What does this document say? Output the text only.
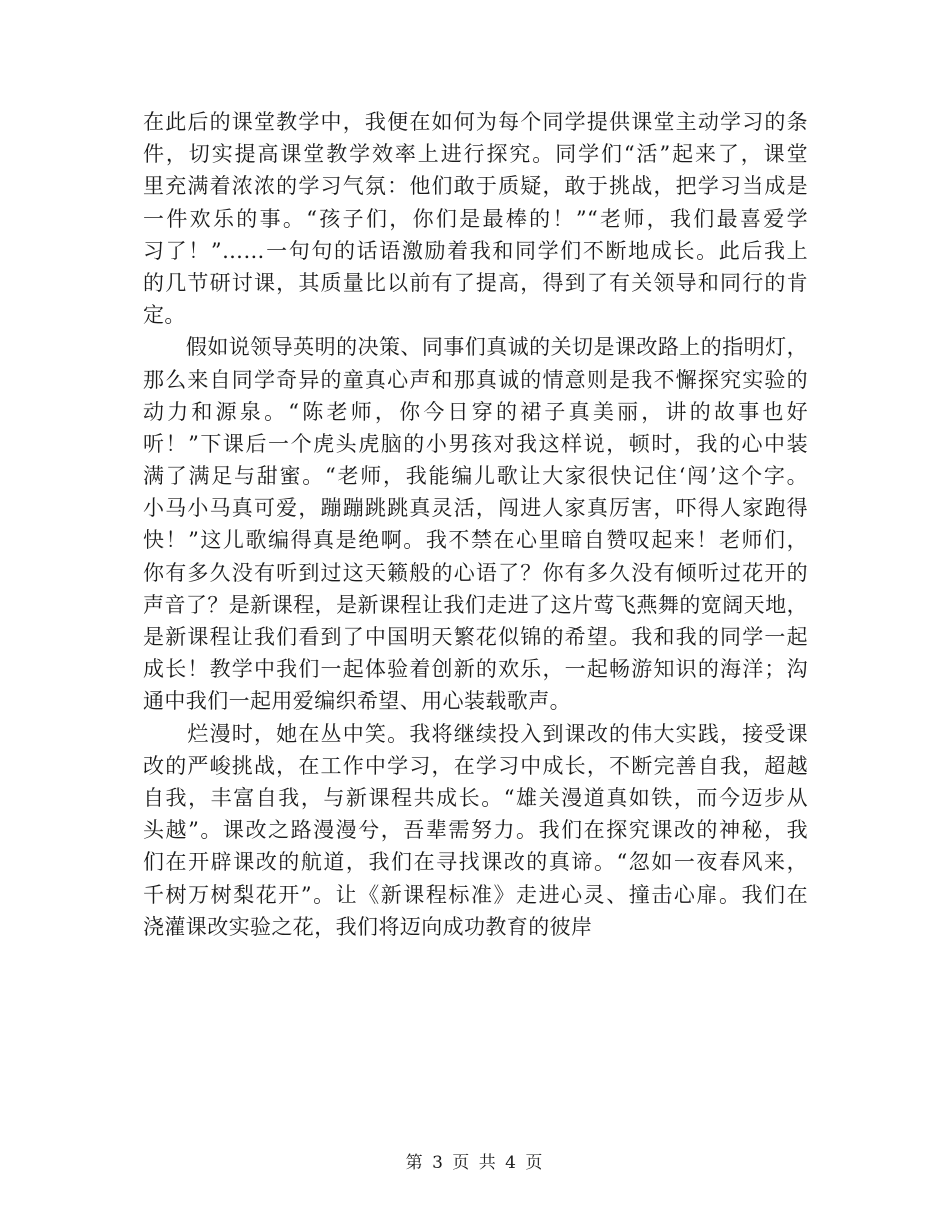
在此后的课堂教学中，我便在如何为每个同学提供课堂主动学习的条
件，切实提高课堂教学效率上进行探究。同学们“活”起来了，课堂
里充满着浓浓的学习气氛：他们敢于质疑，敢于挑战，把学习当成是
一件欢乐的事。“孩子们，你们是最棒的！”“老师，我们最喜爱学
习了！”……一句句的话语激励着我和同学们不断地成长。此后我上
的几节研讨课，其质量比以前有了提高，得到了有关领导和同行的肯
定。
　　假如说领导英明的决策、同事们真诚的关切是课改路上的指明灯，
那么来自同学奇异的童真心声和那真诚的情意则是我不懈探究实验的
动力和源泉。“陈老师，你今日穿的裙子真美丽，讲的故事也好
听！”下课后一个虎头虎脑的小男孩对我这样说，顿时，我的心中装
满了满足与甜蜜。“老师，我能编儿歌让大家很快记住‘闯’这个字。
小马小马真可爱，蹦蹦跳跳真灵活，闯进人家真厉害，吓得人家跑得
快！”这儿歌编得真是绝啊。我不禁在心里暗自赞叹起来！老师们，
你有多久没有听到过这天籁般的心语了？你有多久没有倾听过花开的
声音了？是新课程，是新课程让我们走进了这片莺飞燕舞的宽阔天地，
是新课程让我们看到了中国明天繁花似锦的希望。我和我的同学一起
成长！教学中我们一起体验着创新的欢乐，一起畅游知识的海洋；沟
通中我们一起用爱编织希望、用心装载歌声。
　　烂漫时，她在丛中笑。我将继续投入到课改的伟大实践，接受课
改的严峻挑战，在工作中学习，在学习中成长，不断完善自我，超越
自我，丰富自我，与新课程共成长。“雄关漫道真如铁，而今迈步从
头越”。课改之路漫漫兮，吾辈需努力。我们在探究课改的神秘，我
们在开辟课改的航道，我们在寻找课改的真谛。“忽如一夜春风来，
千树万树梨花开”。让《新课程标准》走进心灵、撞击心扉。我们在
浇灌课改实验之花，我们将迈向成功教育的彼岸
第 3 页 共 4 页
